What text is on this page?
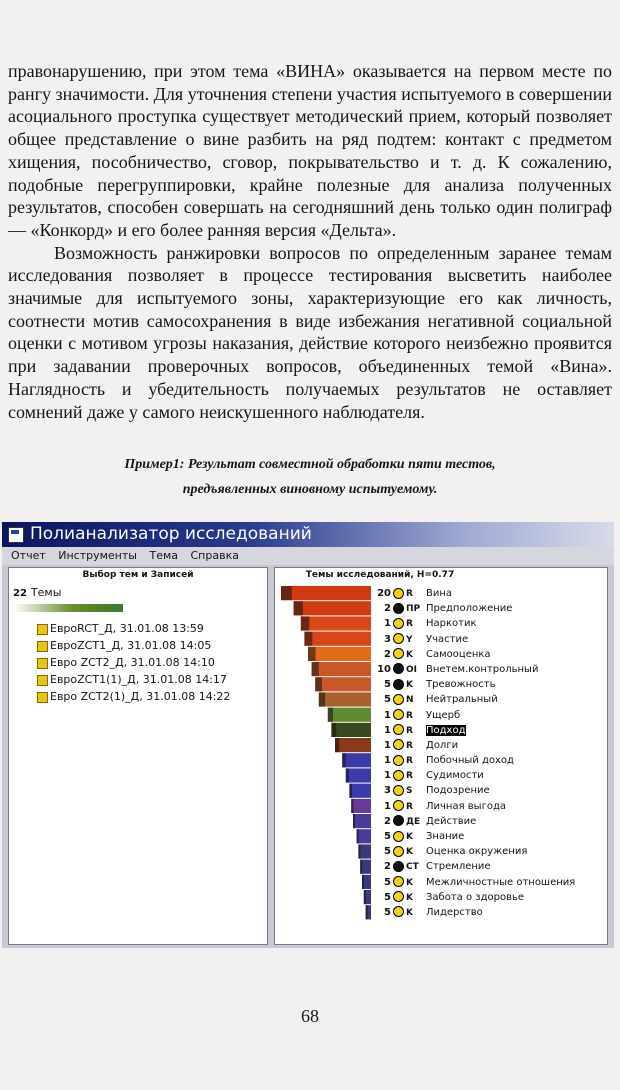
правонарушению, при этом тема «ВИНА» оказывается на первом месте по рангу значимости. Для уточнения степени участия испытуемого в совершении асоциального проступка существует методический прием, который позволяет общее представление о вине разбить на ряд подтем: контакт с предметом хищения, пособничество, сговор, покрывательство и т. д. К сожалению, подобные перегруппировки, крайне полезные для анализа полученных результатов, способен совершать на сегодняшний день только один полиграф — «Конкорд» и его более ранняя версия «Дельта».

Возможность ранжировки вопросов по определенным заранее темам исследования позволяет в процессе тестирования высветить наиболее значимые для испытуемого зоны, характеризующие его как личность, соотнести мотив самосохранения в виде избежания негативной социальной оценки с мотивом угрозы наказания, действие которого неизбежно проявится при задавании проверочных вопросов, объединенных темой «Вина». Наглядность и убедительность получаемых результатов не оставляет сомнений даже у самого неискушенного наблюдателя.

Пример1: Результат совместной обработки пяти тестов,
предъявленных виновному испытуемому.
Полианализатор исследований
Отчет Инструменты Тема Справка
Выбор тем и Записей
22 Темы
ЕвроRCT_Д, 31.01.08 13:59
ЕвроZCT1_Д, 31.01.08 14:05
Евро ZCT2_Д, 31.01.08 14:10
ЕвроZCT1(1)_Д, 31.01.08 14:17
Евро ZCT2(1)_Д, 31.01.08 14:22
Темы исследований, H=0.77
20 R Вина
2 ПР Предположение
1 R Наркотик
3 Y Участие
2 K Самооценка
10 OI Внетем.контрольный
5 K Тревожность
5 N Нейтральный
1 R Ущерб
1 R Подход
1 R Долги
1 R Побочный доход
1 R Судимости
3 S Подозрение
1 R Личная выгода
2 ДЕ Действие
5 K Знание
5 K Оценка окружения
2 CT Стремление
5 K Межличностные отношения
5 K Забота о здоровье
5 K Лидерство
68
